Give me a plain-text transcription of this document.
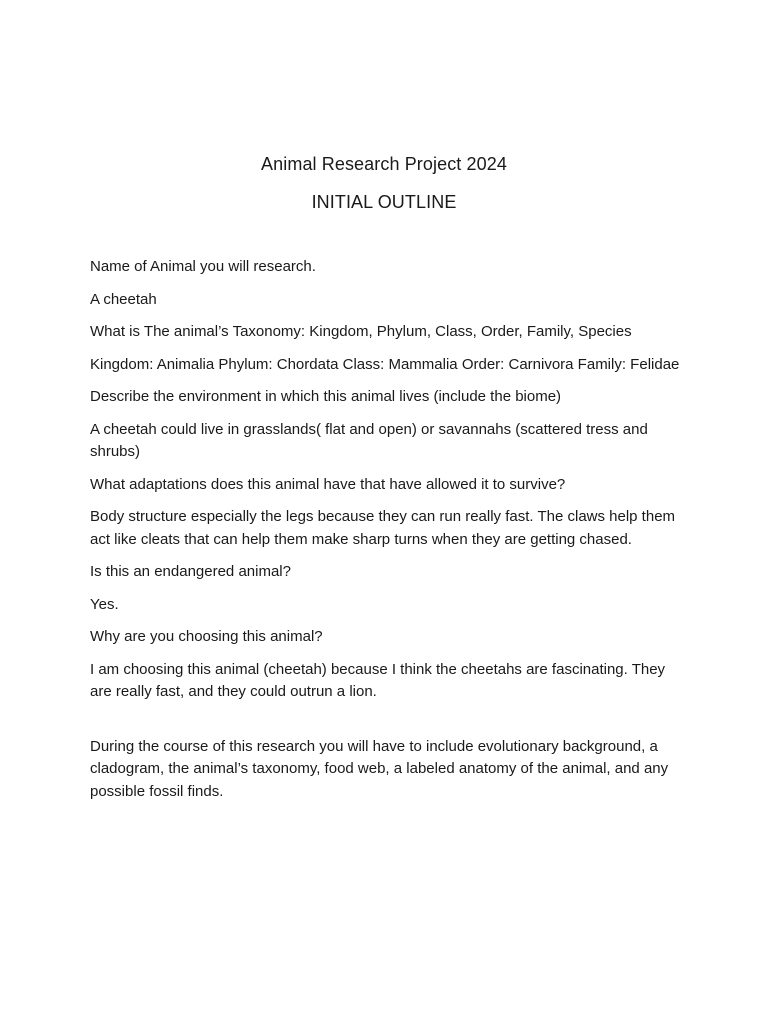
Animal Research Project 2024
INITIAL OUTLINE

Name of Animal you will research.

A cheetah

What is The animal’s Taxonomy: Kingdom, Phylum, Class, Order, Family, Species

Kingdom: Animalia Phylum: Chordata Class: Mammalia Order: Carnivora Family: Felidae

Describe the environment in which this animal lives (include the biome)

A cheetah could live in grasslands( flat and open) or savannahs (scattered tress and shrubs)

What adaptations does this animal have that have allowed it to survive?

Body structure especially the legs because they can run really fast. The claws help them act like cleats that can help them make sharp turns when they are getting chased.

Is this an endangered animal?

Yes.

Why are you choosing this animal?

I am choosing this animal (cheetah) because I think the cheetahs are fascinating. They are really fast, and they could outrun a lion.

During the course of this research you will have to include evolutionary background, a cladogram, the animal’s taxonomy, food web, a labeled anatomy of the animal, and any possible fossil finds.
